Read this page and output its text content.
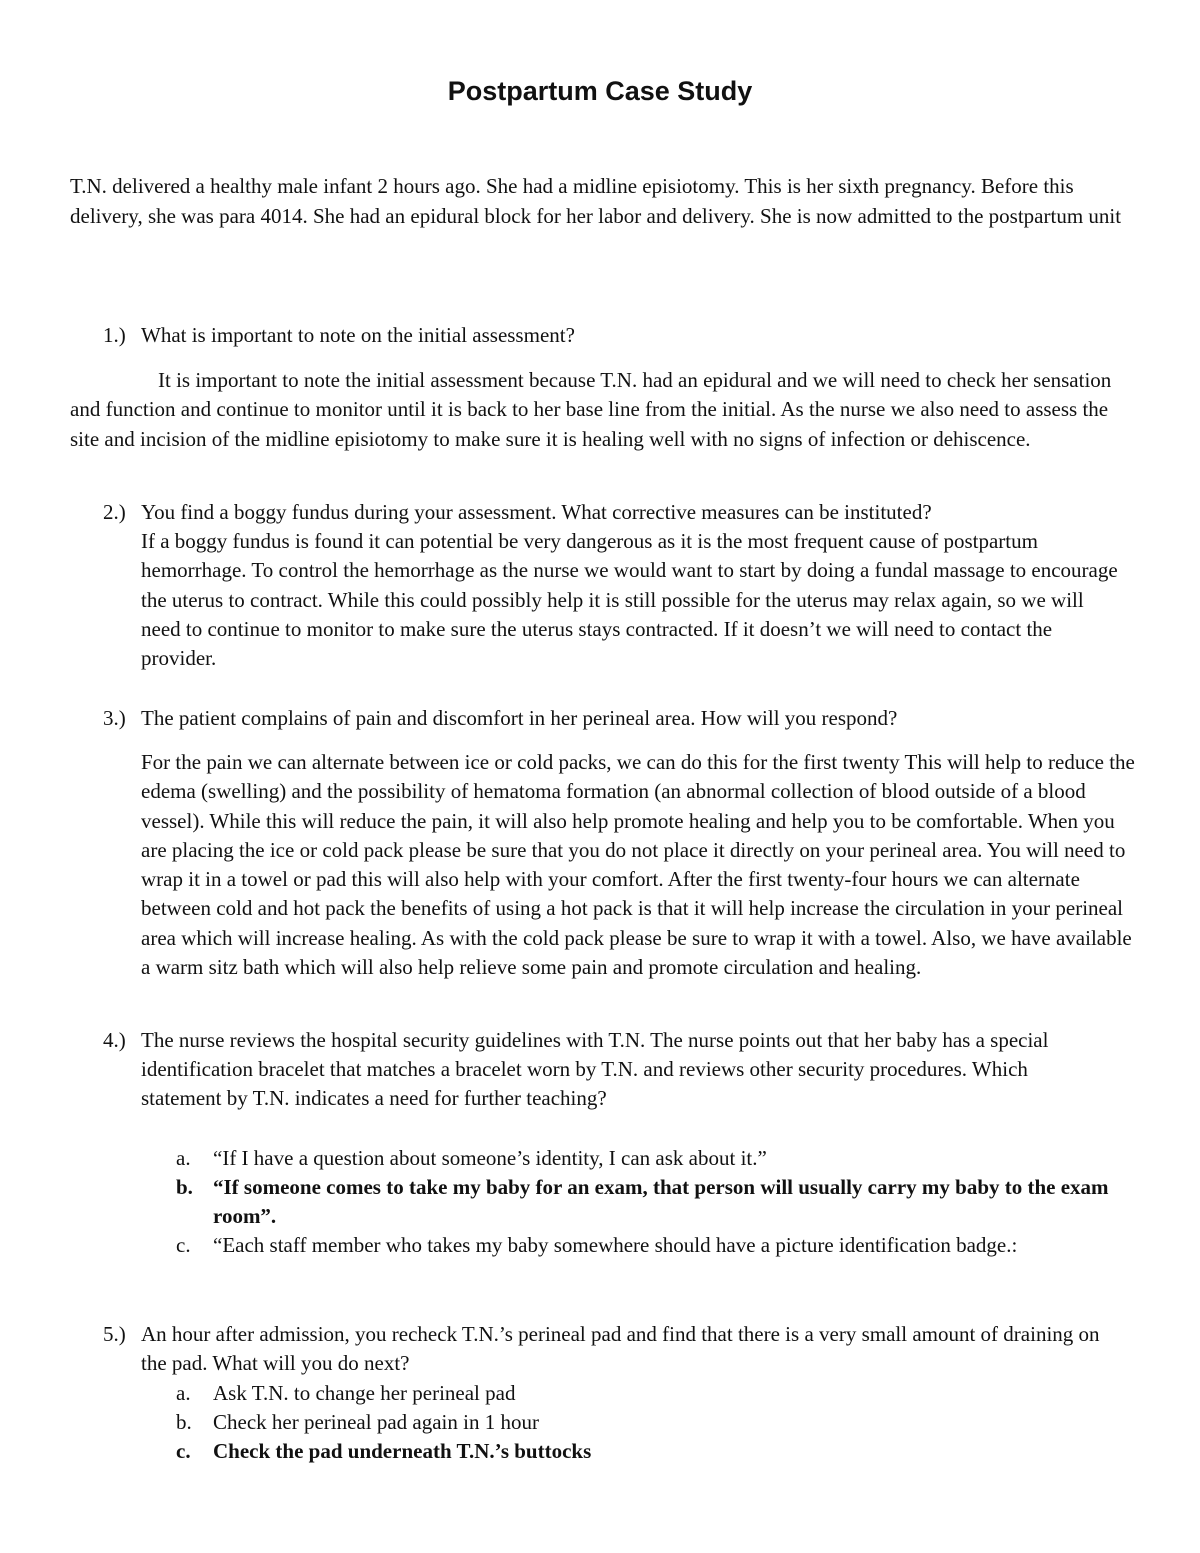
Postpartum Case Study
T.N. delivered a healthy male infant 2 hours ago. She had a midline episiotomy. This is her sixth pregnancy. Before this delivery, she was para 4014. She had an epidural block for her labor and delivery. She is now admitted to the postpartum unit
1.) What is important to note on the initial assessment?
It is important to note the initial assessment because T.N. had an epidural and we will need to check her sensation and function and continue to monitor until it is back to her base line from the initial. As the nurse we also need to assess the site and incision of the midline episiotomy to make sure it is healing well with no signs of infection or dehiscence.
2.) You find a boggy fundus during your assessment. What corrective measures can be instituted?
If a boggy fundus is found it can potential be very dangerous as it is the most frequent cause of postpartum hemorrhage. To control the hemorrhage as the nurse we would want to start by doing a fundal massage to encourage the uterus to contract. While this could possibly help it is still possible for the uterus may relax again, so we will need to continue to monitor to make sure the uterus stays contracted. If it doesn’t we will need to contact the provider.
3.) The patient complains of pain and discomfort in her perineal area. How will you respond?
For the pain we can alternate between ice or cold packs, we can do this for the first twenty This will help to reduce the edema (swelling) and the possibility of hematoma formation (an abnormal collection of blood outside of a blood vessel). While this will reduce the pain, it will also help promote healing and help you to be comfortable. When you are placing the ice or cold pack please be sure that you do not place it directly on your perineal area. You will need to wrap it in a towel or pad this will also help with your comfort. After the first twenty-four hours we can alternate between cold and hot pack the benefits of using a hot pack is that it will help increase the circulation in your perineal area which will increase healing. As with the cold pack please be sure to wrap it with a towel. Also, we have available a warm sitz bath which will also help relieve some pain and promote circulation and healing.
4.) The nurse reviews the hospital security guidelines with T.N. The nurse points out that her baby has a special identification bracelet that matches a bracelet worn by T.N. and reviews other security procedures. Which statement by T.N. indicates a need for further teaching?
a. “If I have a question about someone’s identity, I can ask about it.”
b. “If someone comes to take my baby for an exam, that person will usually carry my baby to the exam room”.
c. “Each staff member who takes my baby somewhere should have a picture identification badge.:
5.) An hour after admission, you recheck T.N.’s perineal pad and find that there is a very small amount of draining on the pad. What will you do next?
a. Ask T.N. to change her perineal pad
b. Check her perineal pad again in 1 hour
c. Check the pad underneath T.N.’s buttocks
